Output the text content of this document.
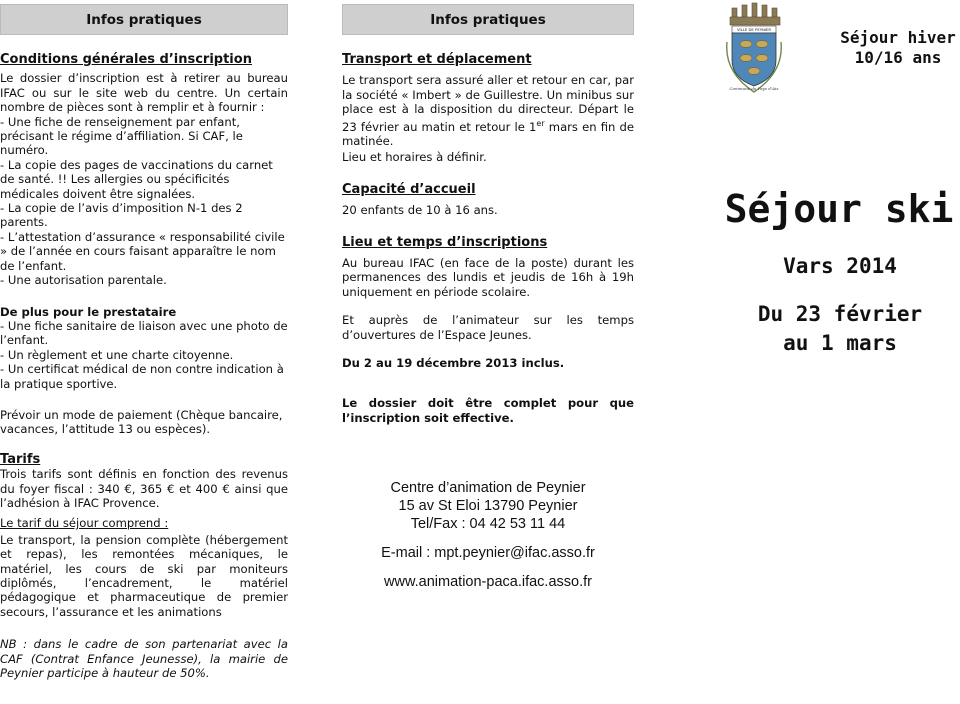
Infos pratiques

Conditions générales d’inscription

Le dossier d’inscription est à retirer au bureau IFAC ou sur le site web du centre. Un certain nombre de pièces sont à remplir et à fournir :

- Une fiche de renseignement par enfant, précisant le régime d’affiliation. Si CAF, le numéro.

- La copie des pages de vaccinations du carnet de santé. !! Les allergies ou spécificités médicales doivent être signalées.

- La copie de l’avis d’imposition N-1 des 2 parents.

- L’attestation d’assurance « responsabilité civile » de l’année en cours faisant apparaître le nom de l’enfant.

- Une autorisation parentale.

De plus pour le prestataire

- Une fiche sanitaire de liaison avec une photo de l’enfant.

- Un règlement et une charte citoyenne.

- Un certificat médical de non contre indication à la pratique sportive.

Prévoir un mode de paiement (Chèque bancaire, vacances, l’attitude 13 ou espèces).

Tarifs

Trois tarifs sont définis en fonction des revenus du foyer fiscal : 340 €, 365 € et 400 € ainsi que l’adhésion à IFAC Provence.

Le tarif du séjour comprend :

Le transport, la pension complète (hébergement et repas), les remontées mécaniques, le matériel, les cours de ski par moniteurs diplômés, l’encadrement, le matériel pédagogique et pharmaceutique de premier secours, l’assurance et les animations

NB : dans le cadre de son partenariat avec la CAF (Contrat Enfance Jeunesse), la mairie de Peynier participe à hauteur de 50%.

Infos pratiques

Transport et déplacement

Le transport sera assuré aller et retour en car, par la société « Imbert » de Guillestre. Un minibus sur place est à la disposition du directeur. Départ le 23 février au matin et retour le 1er mars en fin de matinée.

Lieu et horaires à définir.

Capacité d’accueil

20 enfants de 10 à 16 ans.

Lieu et temps d’inscriptions

Au bureau IFAC (en face de la poste) durant les permanences des lundis et jeudis de 16h à 19h uniquement en période scolaire.

Et auprès de l’animateur sur les temps d’ouvertures de l’Espace Jeunes.

Du 2 au 19 décembre 2013 inclus.

Le dossier doit être complet pour que l’inscription soit effective.

Centre d’animation de Peynier
15 av St Eloi 13790 Peynier
Tel/Fax : 04 42 53 11 44
E-mail : mpt.peynier@ifac.asso.fr
www.animation-paca.ifac.asso.fr
VILLE DE PEYNIER
Commune du Pays d’Aix
Séjour hiver
10/16 ans
Séjour ski
Vars 2014
Du 23 février
au 1 mars
